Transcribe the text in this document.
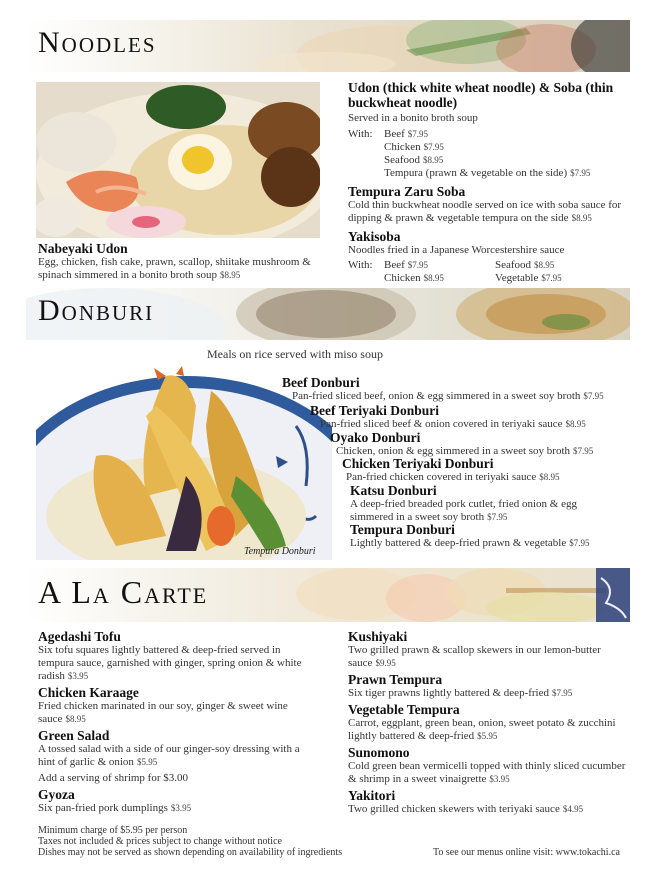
Noodles
Nabeyaki Udon
Egg, chicken, fish cake, prawn, scallop, shiitake mushroom & spinach simmered in a bonito broth soup $8.95
Udon (thick white wheat noodle) & Soba (thin buckwheat noodle)
Served in a bonito broth soup
With:	Beef $7.95
Chicken $7.95
Seafood $8.95
Tempura (prawn & vegetable on the side) $7.95
Tempura Zaru Soba
Cold thin buckwheat noodle served on ice with soba sauce for dipping & prawn & vegetable tempura on the side $8.95
Yakisoba
Noodles fried in a Japanese Worcestershire sauce
With:	Beef $7.95
Chicken $8.95
Seafood $8.95
Vegetable $7.95
Donburi
Meals on rice served with miso soup
Tempura Donburi
Beef Donburi
Pan-fried sliced beef, onion & egg simmered in a sweet soy broth $7.95
Beef Teriyaki Donburi
Pan-fried sliced beef & onion covered in teriyaki sauce $8.95
Oyako Donburi
Chicken, onion & egg simmered in a sweet soy broth $7.95
Chicken Teriyaki Donburi
Pan-fried chicken covered in teriyaki sauce $8.95
Katsu Donburi
A deep-fried breaded pork cutlet, fried onion & egg simmered in a sweet soy broth $7.95
Tempura Donburi
Lightly battered & deep-fried prawn & vegetable $7.95
A La Carte
Agedashi Tofu
Six tofu squares lightly battered & deep-fried served in tempura sauce, garnished with ginger, spring onion & white radish $3.95
Chicken Karaage
Fried chicken marinated in our soy, ginger & sweet wine sauce $8.95
Green Salad
A tossed salad with a side of our ginger-soy dressing with a hint of garlic & onion $5.95
Add a serving of shrimp for $3.00
Gyoza
Six pan-fried pork dumplings $3.95
Kushiyaki
Two grilled prawn & scallop skewers in our lemon-butter sauce $9.95
Prawn Tempura
Six tiger prawns lightly battered & deep-fried $7.95
Vegetable Tempura
Carrot, eggplant, green bean, onion, sweet potato & zucchini lightly battered & deep-fried $5.95
Sunomono
Cold green bean vermicelli topped with thinly sliced cucumber & shrimp in a sweet vinaigrette $3.95
Yakitori
Two grilled chicken skewers with teriyaki sauce $4.95
Minimum charge of $5.95 per person
Taxes not included & prices subject to change without notice
Dishes may not be served as shown depending on availability of ingredients	To see our menus online visit: www.tokachi.ca
